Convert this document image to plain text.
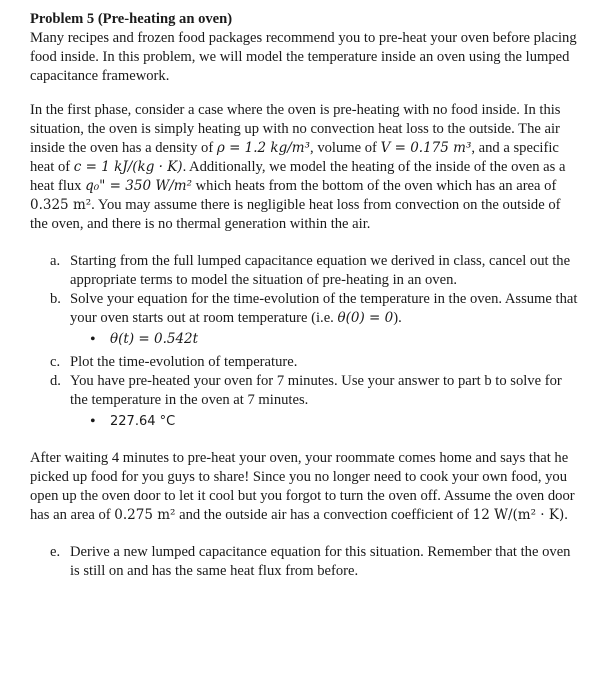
Problem 5 (Pre-heating an oven)

Many recipes and frozen food packages recommend you to pre-heat your oven before placing food inside. In this problem, we will model the temperature inside an oven using the lumped capacitance framework.

In the first phase, consider a case where the oven is pre-heating with no food inside. In this situation, the oven is simply heating up with no convection heat loss to the outside. The air inside the oven has a density of ρ = 1.2 kg/m³, volume of V = 0.175 m³, and a specific heat of c = 1 kJ/(kg · K). Additionally, we model the heating of the inside of the oven as a heat flux q₀" = 350 W/m² which heats from the bottom of the oven which has an area of 0.325 m². You may assume there is negligible heat loss from convection on the outside of the oven, and there is no thermal generation within the air.

a. Starting from the full lumped capacitance equation we derived in class, cancel out the appropriate terms to model the situation of pre-heating in an oven.
b. Solve your equation for the time-evolution of the temperature in the oven. Assume that your oven starts out at room temperature (i.e. θ(0) = 0).
• θ(t) = 0.542t
c. Plot the time-evolution of temperature.
d. You have pre-heated your oven for 7 minutes. Use your answer to part b to solve for the temperature in the oven at 7 minutes.
• 227.64 °C

After waiting 4 minutes to pre-heat your oven, your roommate comes home and says that he picked up food for you guys to share! Since you no longer need to cook your own food, you open up the oven door to let it cool but you forgot to turn the oven off. Assume the oven door has an area of 0.275 m² and the outside air has a convection coefficient of 12 W/(m² · K).

e. Derive a new lumped capacitance equation for this situation. Remember that the oven is still on and has the same heat flux from before.
